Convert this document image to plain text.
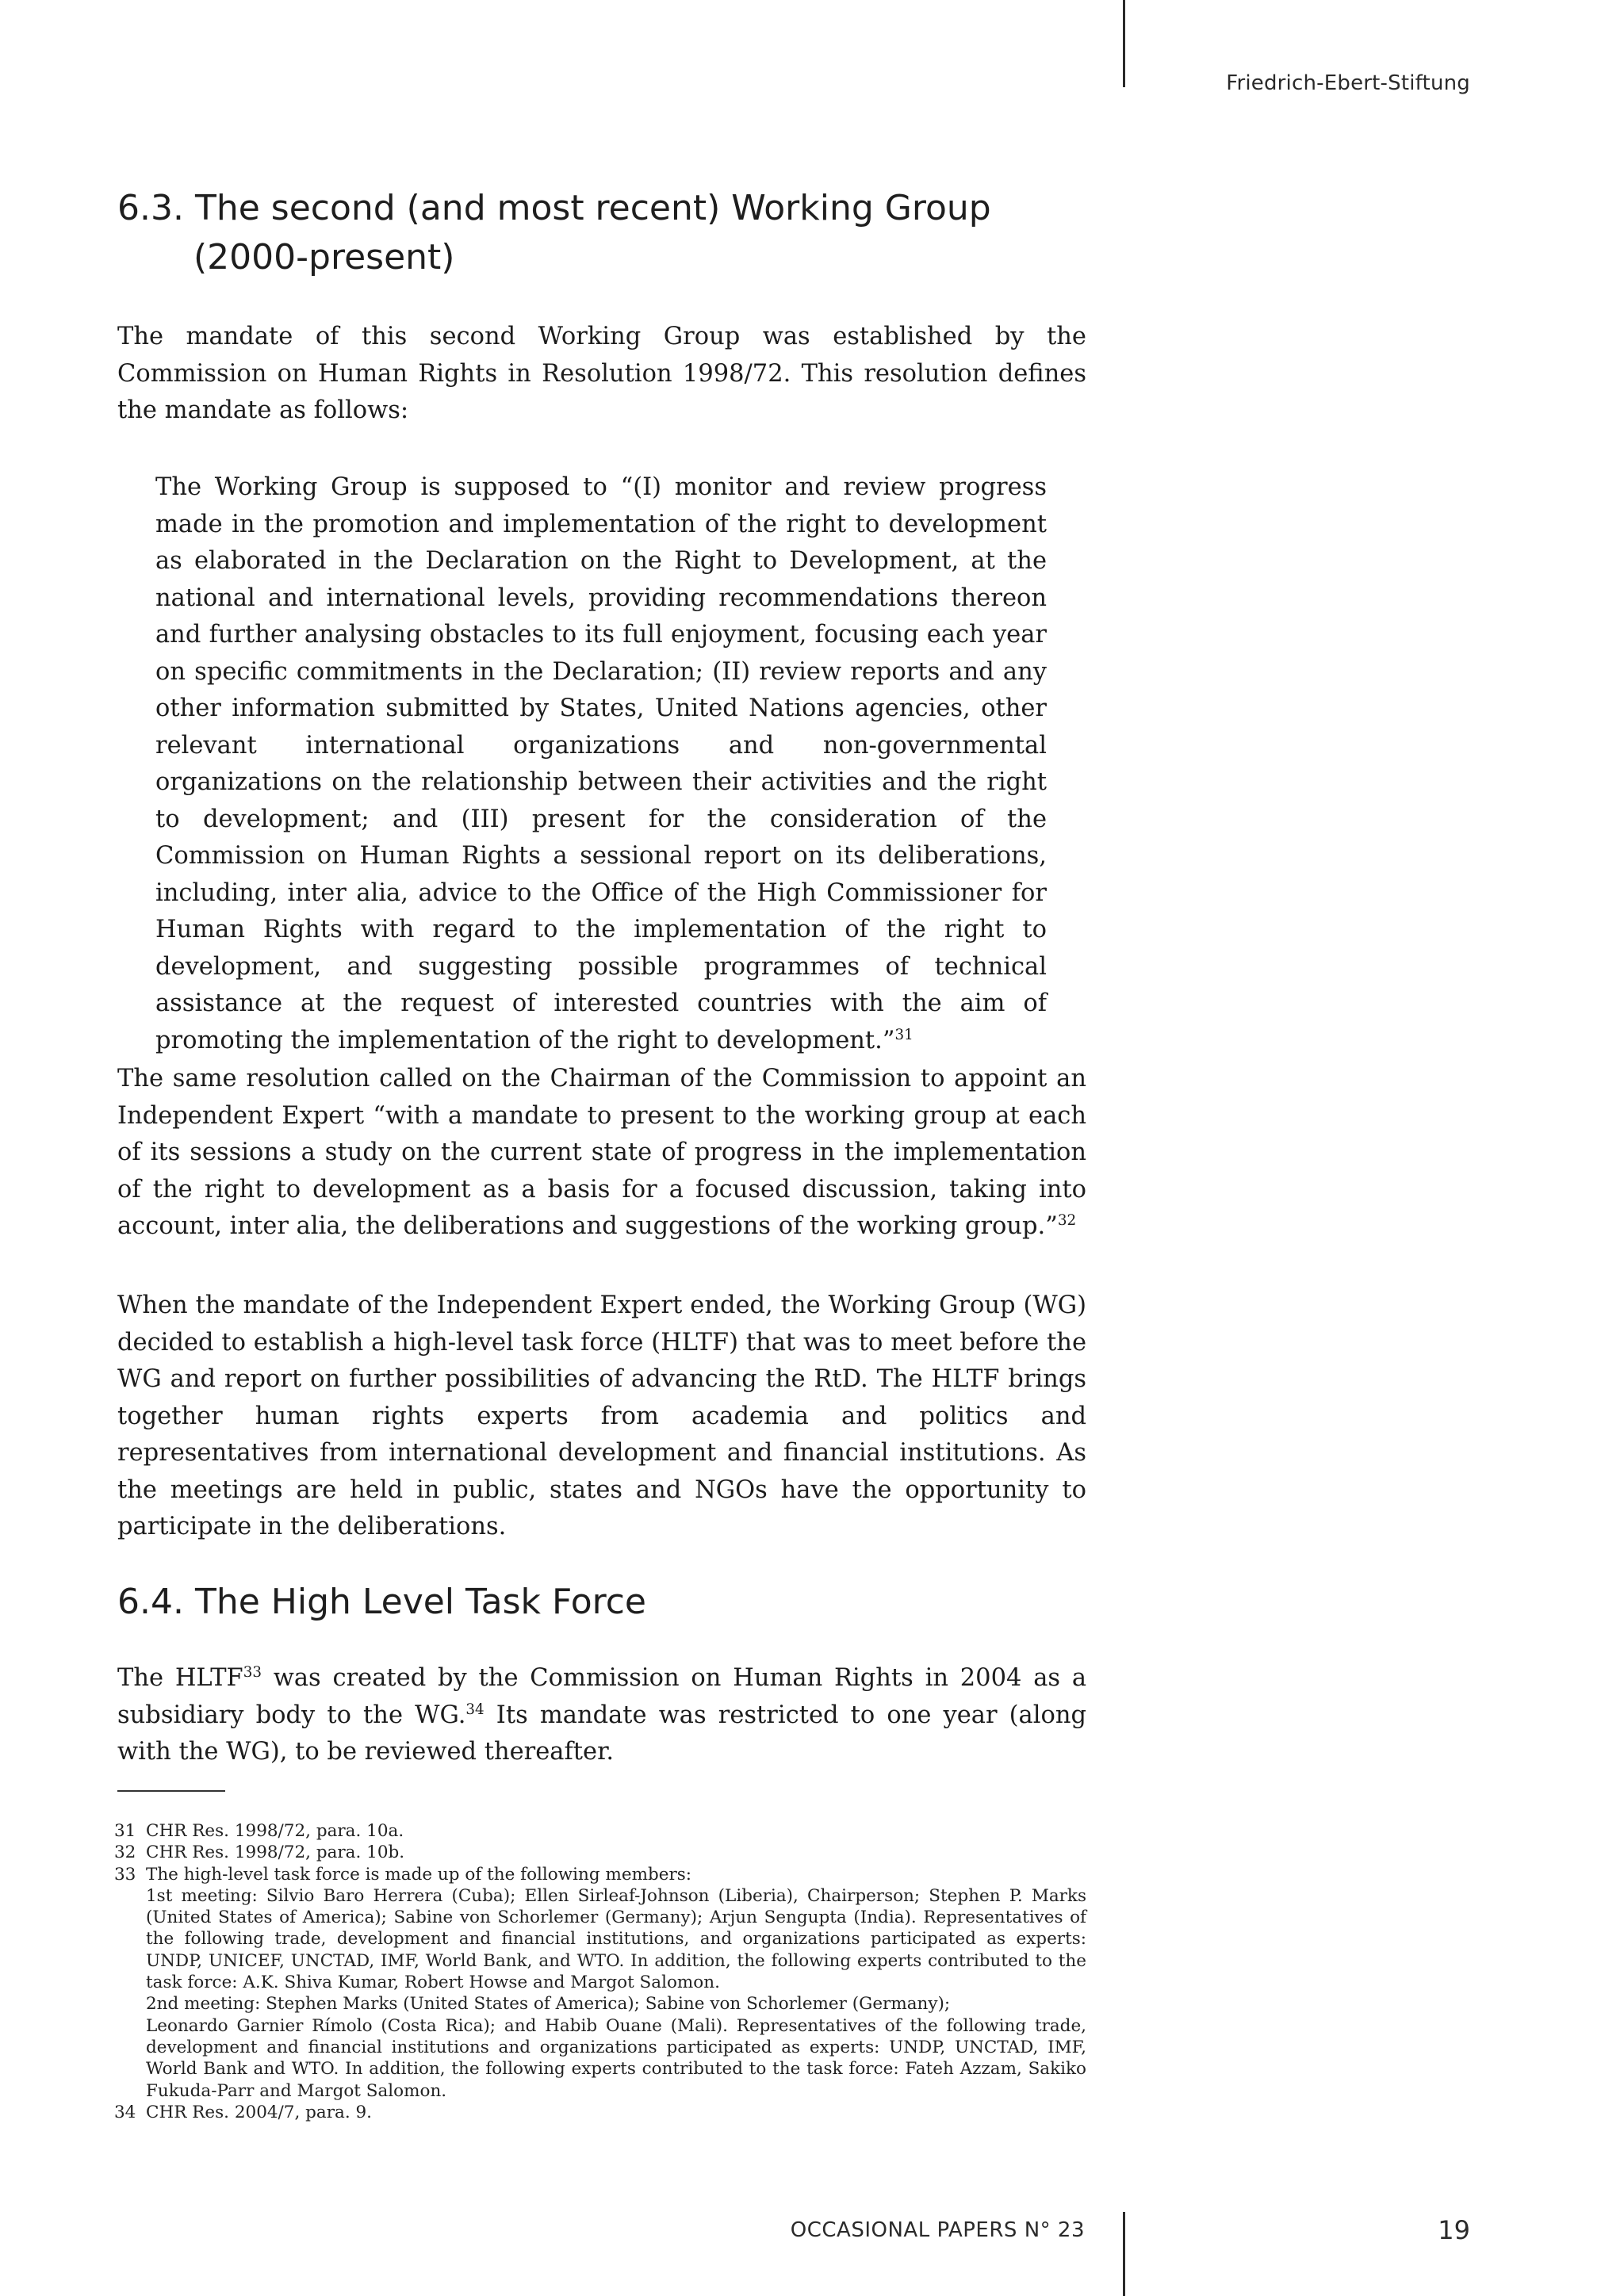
Friedrich-Ebert-Stiftung
6.3. The second (and most recent) Working Group
(2000-present)

The mandate of this second Working Group was established by the Commission on Human Rights in Resolution 1998/72. This resolution defines the mandate as follows:

The Working Group is supposed to “(I) monitor and review progress made in the promotion and implementation of the right to development as elaborated in the Declaration on the Right to Development, at the national and international levels, providing recommendations thereon and further analysing obstacles to its full enjoyment, focusing each year on specific commitments in the Declaration; (II) review reports and any other information submitted by States, United Nations agencies, other relevant international organizations and non-governmental organizations on the relationship between their activities and the right to development; and (III) present for the consideration of the Commission on Human Rights a sessional report on its deliberations, including, inter alia, advice to the Office of the High Commissioner for Human Rights with regard to the implementation of the right to development, and suggesting possible programmes of technical assistance at the request of interested countries with the aim of promoting the implementation of the right to development.”$^{31}$

The same resolution called on the Chairman of the Commission to appoint an Independent Expert “with a mandate to present to the working group at each of its sessions a study on the current state of progress in the implementation of the right to development as a basis for a focused discussion, taking into account, inter alia, the deliberations and suggestions of the working group.”$^{32}$

When the mandate of the Independent Expert ended, the Working Group (WG) decided to establish a high-level task force (HLTF) that was to meet before the WG and report on further possibilities of advancing the RtD. The HLTF brings together human rights experts from academia and politics and representatives from international development and financial institutions. As the meetings are held in public, states and NGOs have the opportunity to participate in the deliberations.

6.4. The High Level Task Force

The HLTF$^{33}$ was created by the Commission on Human Rights in 2004 as a subsidiary body to the WG.$^{34}$ Its mandate was restricted to one year (along with the WG), to be reviewed thereafter.

31 CHR Res. 1998/72, para. 10a.
32 CHR Res. 1998/72, para. 10b.
33 The high-level task force is made up of the following members:
1st meeting: Silvio Baro Herrera (Cuba); Ellen Sirleaf-Johnson (Liberia), Chairperson; Stephen P. Marks (United States of America); Sabine von Schorlemer (Germany); Arjun Sengupta (India). Representatives of the following trade, development and financial institutions, and organizations participated as experts: UNDP, UNICEF, UNCTAD, IMF, World Bank, and WTO. In addition, the following experts contributed to the task force: A.K. Shiva Kumar, Robert Howse and Margot Salomon.
2nd meeting: Stephen Marks (United States of America); Sabine von Schorlemer (Germany);
Leonardo Garnier Rímolo (Costa Rica); and Habib Ouane (Mali). Representatives of the following trade, development and financial institutions and organizations participated as experts: UNDP, UNCTAD, IMF, World Bank and WTO. In addition, the following experts contributed to the task force: Fateh Azzam, Sakiko Fukuda-Parr and Margot Salomon.
34 CHR Res. 2004/7, para. 9.
OCCASIONAL PAPERS N° 23	19
